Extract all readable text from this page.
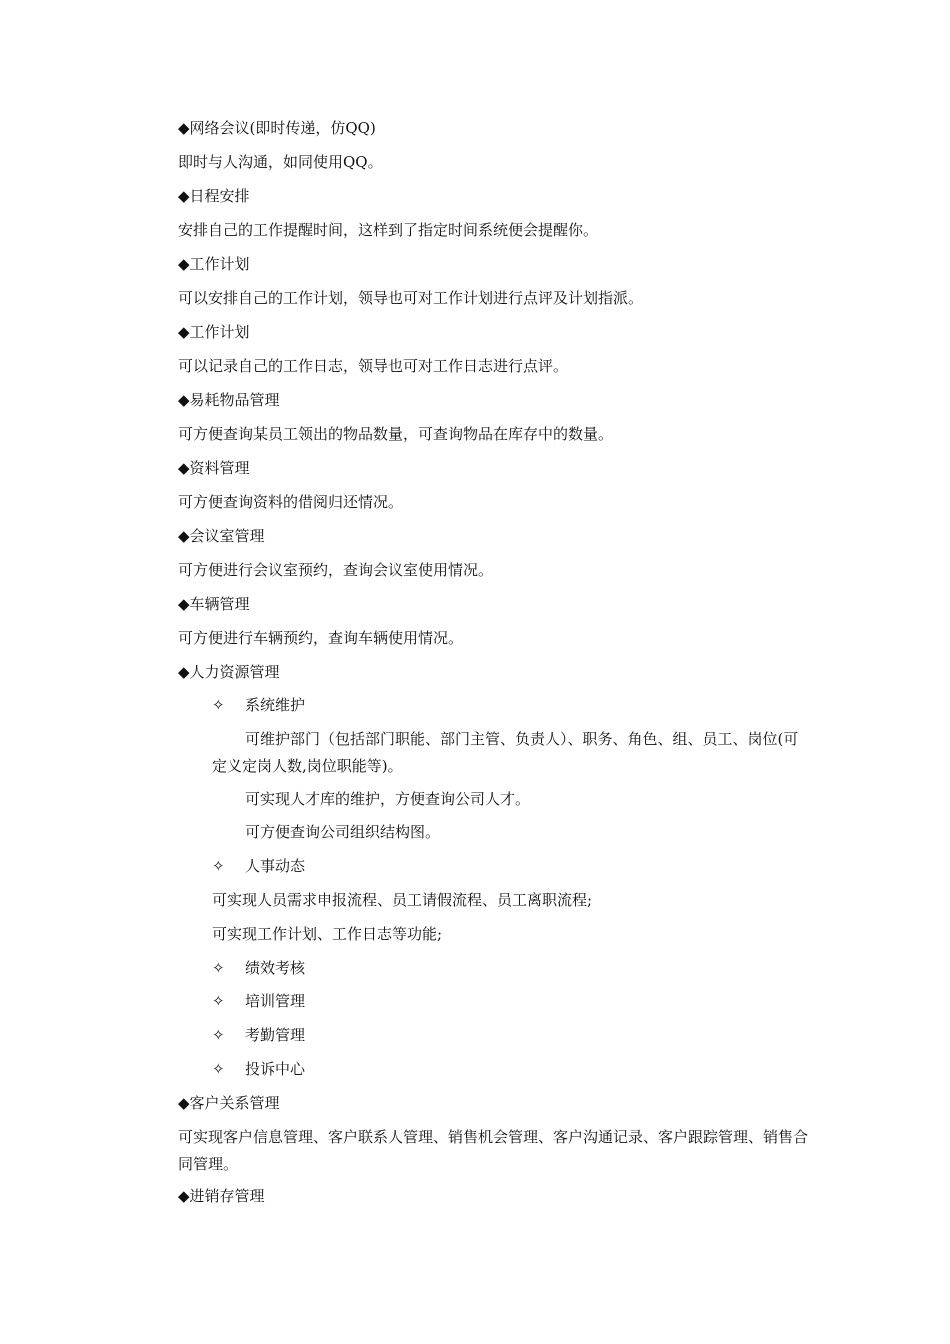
◆网络会议(即时传递，仿QQ)
即时与人沟通，如同使用QQ。
◆日程安排
安排自己的工作提醒时间，这样到了指定时间系统便会提醒你。
◆工作计划
可以安排自己的工作计划，领导也可对工作计划进行点评及计划指派。
◆工作计划
可以记录自己的工作日志，领导也可对工作日志进行点评。
◆易耗物品管理
可方便查询某员工领出的物品数量，可查询物品在库存中的数量。
◆资料管理
可方便查询资料的借阅归还情况。
◆会议室管理
可方便进行会议室预约，查询会议室使用情况。
◆车辆管理
可方便进行车辆预约，查询车辆使用情况。
◆人力资源管理
✧ 系统维护
可维护部门（包括部门职能、部门主管、负责人）、职务、角色、组、员工、岗位(可定义定岗人数,岗位职能等)。
可实现人才库的维护，方便查询公司人才。
可方便查询公司组织结构图。
✧ 人事动态
可实现人员需求申报流程、员工请假流程、员工离职流程;
可实现工作计划、工作日志等功能;
✧ 绩效考核
✧ 培训管理
✧ 考勤管理
✧ 投诉中心
◆客户关系管理
可实现客户信息管理、客户联系人管理、销售机会管理、客户沟通记录、客户跟踪管理、销售合同管理。
◆进销存管理
